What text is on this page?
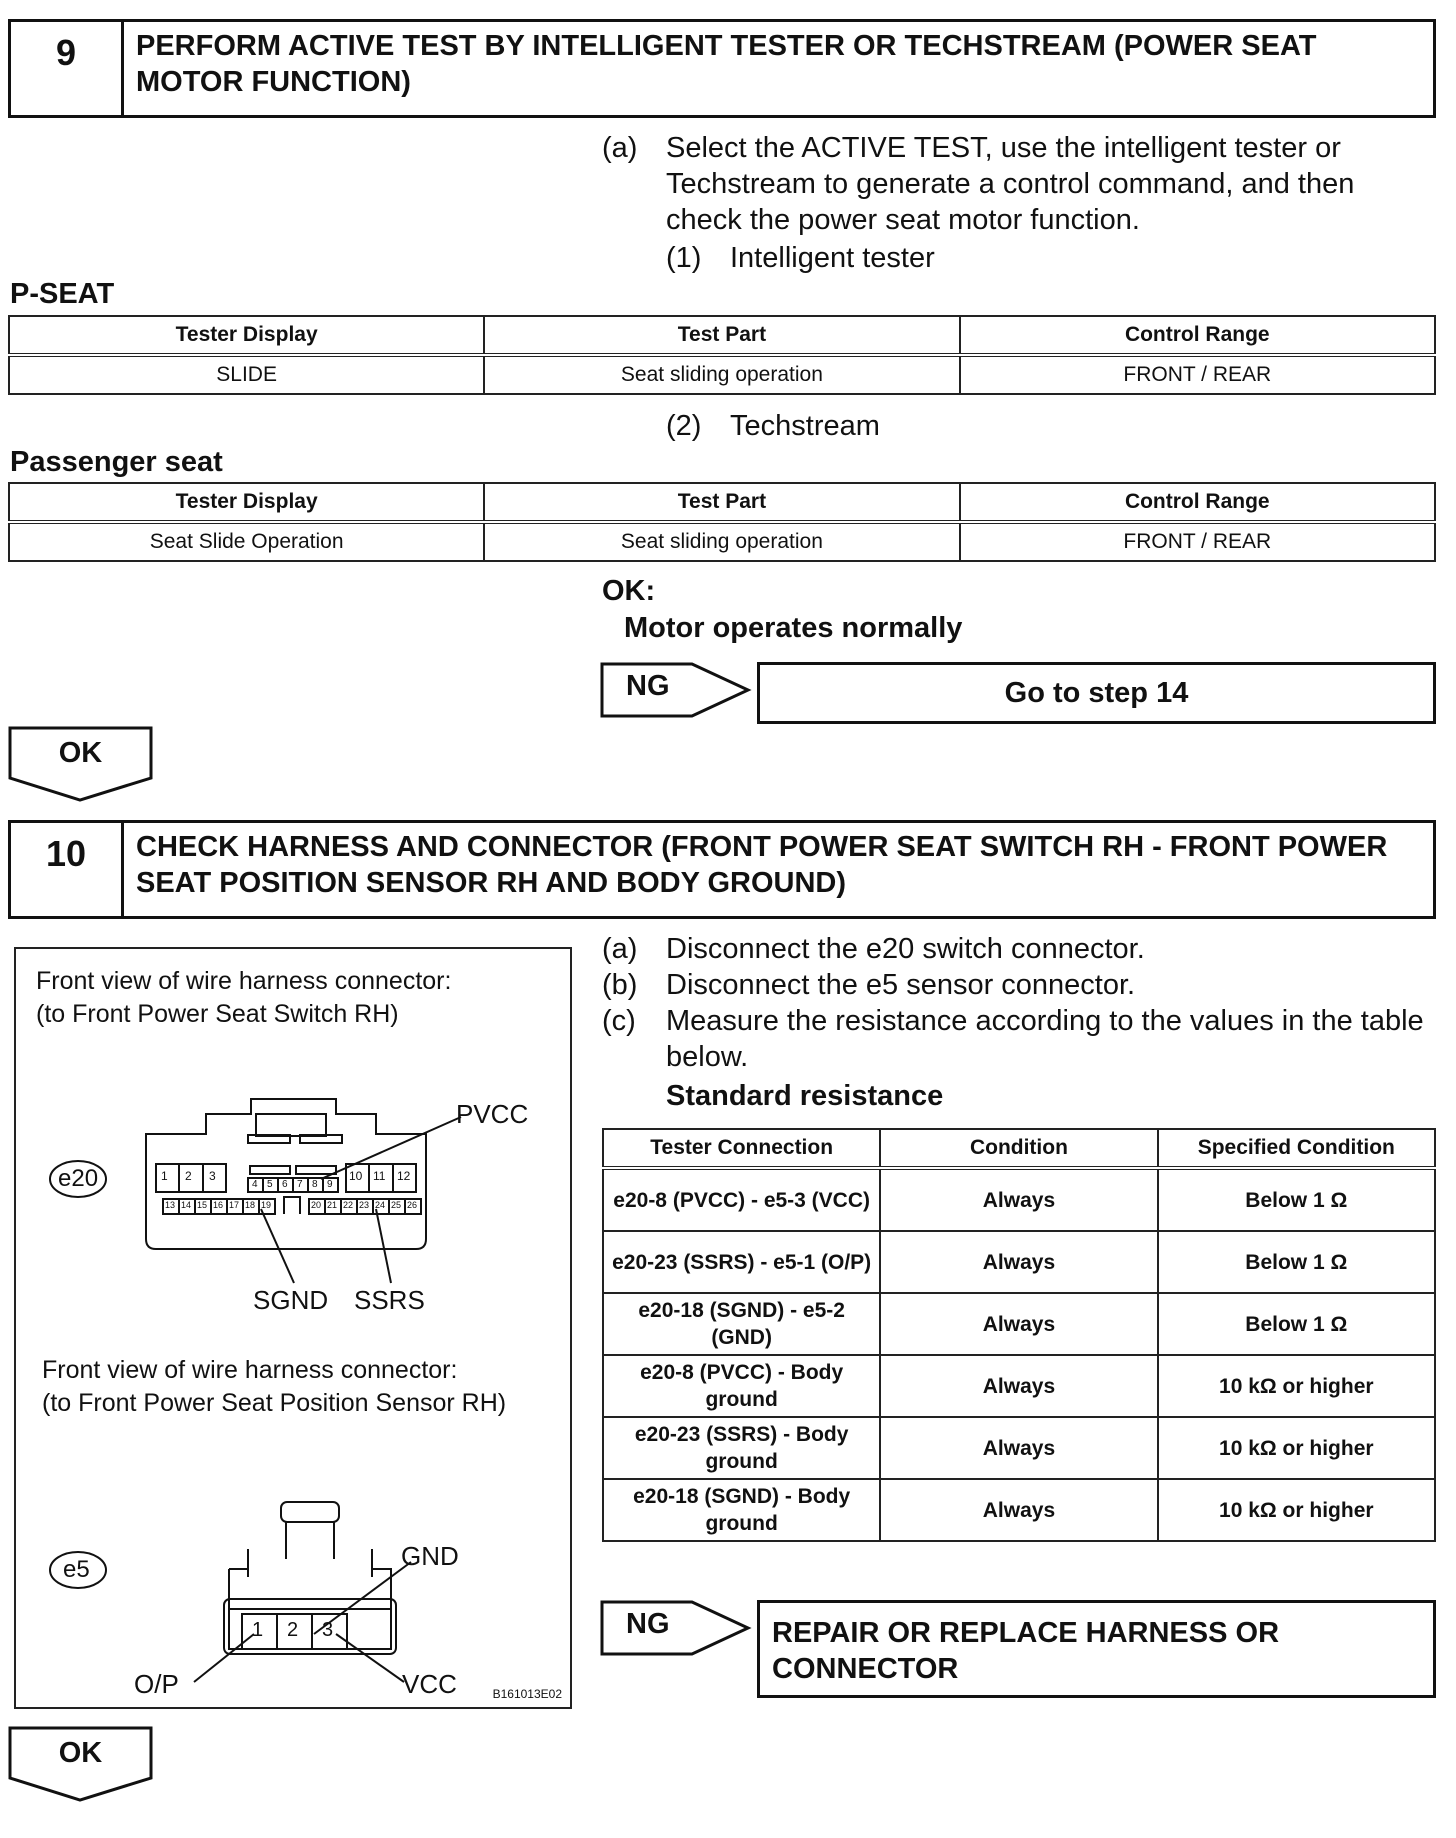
9	PERFORM ACTIVE TEST BY INTELLIGENT TESTER OR TECHSTREAM (POWER SEAT MOTOR FUNCTION)
(a) Select the ACTIVE TEST, use the intelligent tester or Techstream to generate a control command, and then check the power seat motor function.
(1) Intelligent tester
P-SEAT
Tester Display	Test Part	Control Range
SLIDE	Seat sliding operation	FRONT / REAR
(2) Techstream
Passenger seat
Tester Display	Test Part	Control Range
Seat Slide Operation	Seat sliding operation	FRONT / REAR
OK:
Motor operates normally
NG	Go to step 14
OK
10	CHECK HARNESS AND CONNECTOR (FRONT POWER SEAT SWITCH RH - FRONT POWER SEAT POSITION SENSOR RH AND BODY GROUND)
(a) Disconnect the e20 switch connector.
(b) Disconnect the e5 sensor connector.
(c) Measure the resistance according to the values in the table below.
Standard resistance
Tester Connection	Condition	Specified Condition
e20-8 (PVCC) - e5-3 (VCC)	Always	Below 1 Ω
e20-23 (SSRS) - e5-1 (O/P)	Always	Below 1 Ω
e20-18 (SGND) - e5-2 (GND)	Always	Below 1 Ω
e20-8 (PVCC) - Body ground	Always	10 kΩ or higher
e20-23 (SSRS) - Body ground	Always	10 kΩ or higher
e20-18 (SGND) - Body ground	Always	10 kΩ or higher
NG	REPAIR OR REPLACE HARNESS OR CONNECTOR
Front view of wire harness connector:
(to Front Power Seat Switch RH)
1 2 3
4 5 6 7 8 9
10 11 12
13 14 15 16 17 18 19	20 21 22 23 24 25 26
e20
PVCC
SGND SSRS
Front view of wire harness connector:
(to Front Power Seat Position Sensor RH)
e5
1 2 3
GND
O/P	VCC	B161013E02
OK
